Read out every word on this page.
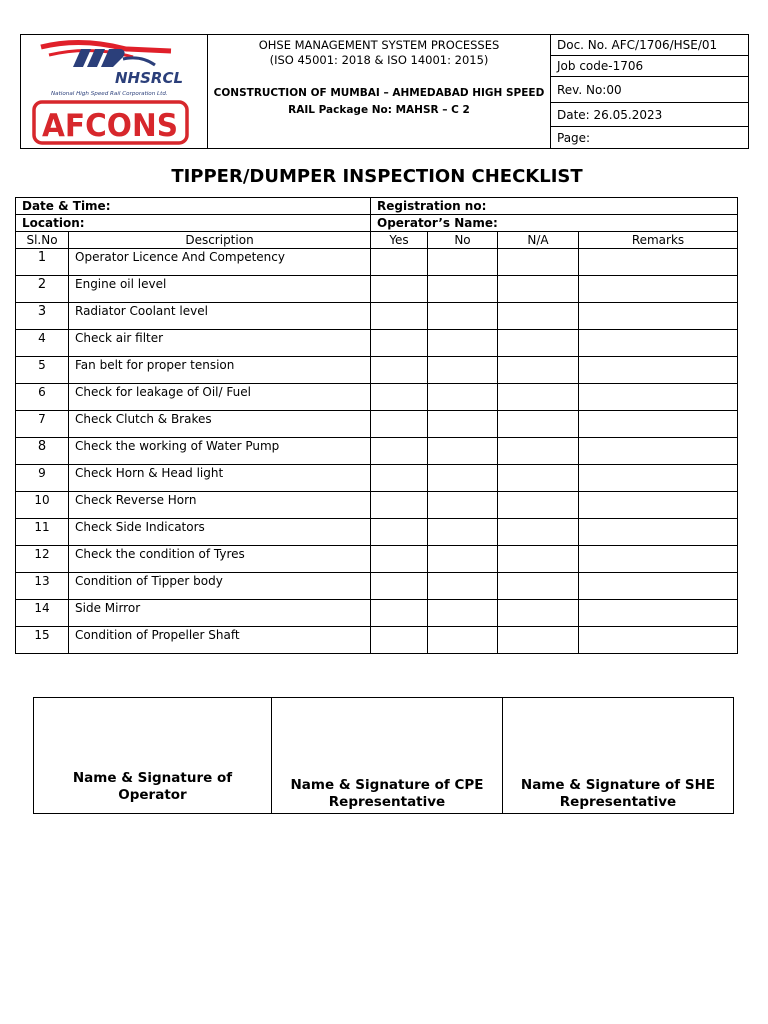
NHSRCL
National High Speed Rail Corporation Ltd.
AFCONS
OHSE MANAGEMENT SYSTEM PROCESSES
(ISO 45001: 2018 & ISO 14001: 2015)
CONSTRUCTION OF MUMBAI – AHMEDABAD HIGH SPEED
RAIL Package No: MAHSR – C 2
Doc. No. AFC/1706/HSE/01
Job code-1706
Rev. No:00
Date: 26.05.2023
Page:
TIPPER/DUMPER INSPECTION CHECKLIST
Date & Time:		Registration no:			
Location:		Operator’s Name:			
Sl.No	Description	Yes	No	N/A	Remarks
1	Operator Licence And Competency				
2	Engine oil level				
3	Radiator Coolant level				
4	Check air filter				
5	Fan belt for proper tension				
6	Check for leakage of Oil/ Fuel				
7	Check Clutch & Brakes				
8	Check the working of Water Pump				
9	Check Horn & Head light				
10	Check Reverse Horn				
11	Check Side Indicators				
12	Check the condition of Tyres				
13	Condition of Tipper body				
14	Side Mirror				
15	Condition of Propeller Shaft				
Name & Signature of Operator	
Name & Signature of CPE
Representative

Name & Signature of SHE
Representative
